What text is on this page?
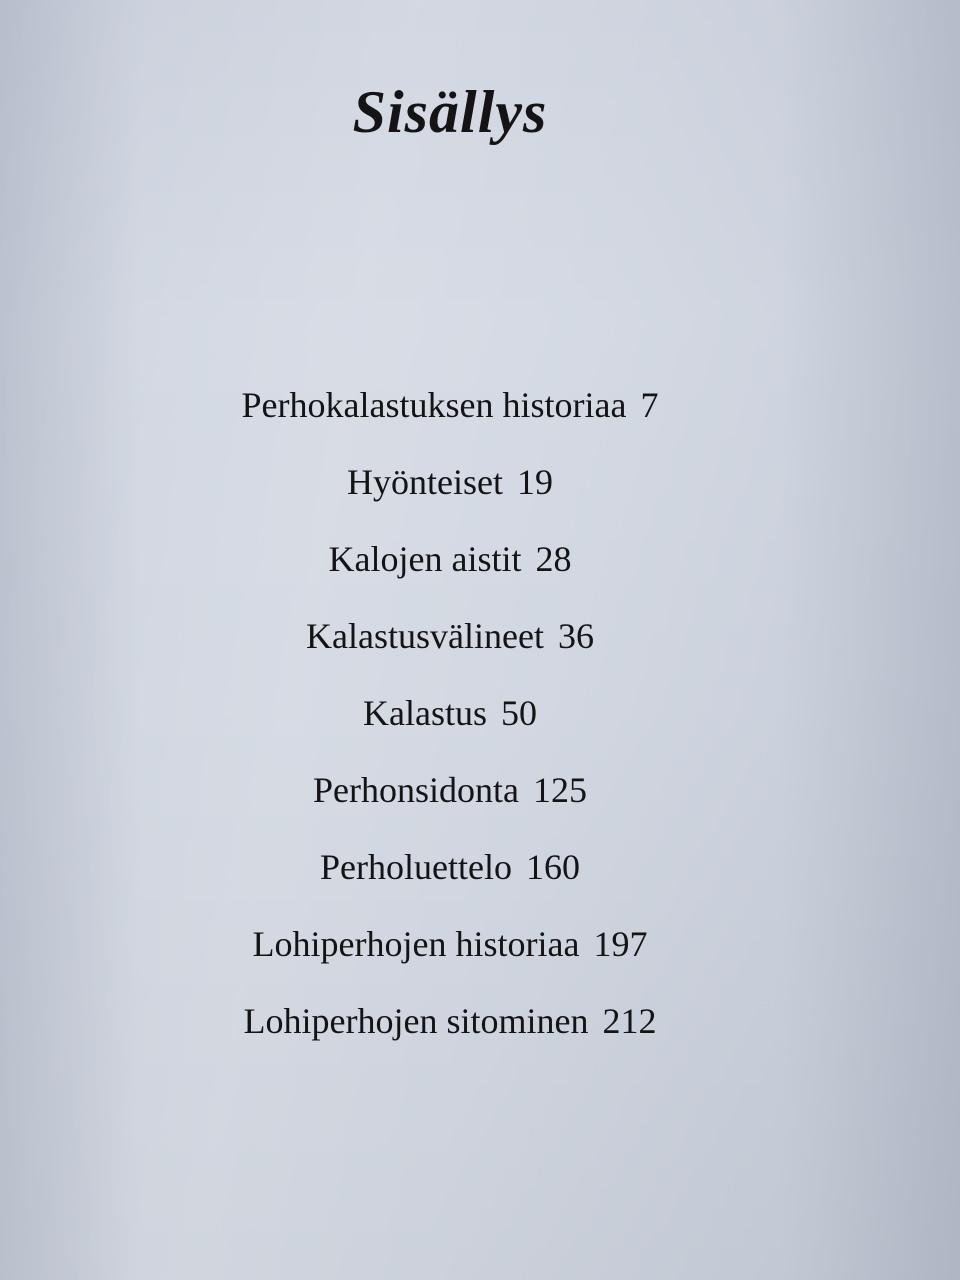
Sisällys
Perhokalastuksen historiaa 7
Hyönteiset 19
Kalojen aistit 28
Kalastusvälineet 36
Kalastus 50
Perhonsidonta 125
Perholuettelo 160
Lohiperhojen historiaa 197
Lohiperhojen sitominen 212
